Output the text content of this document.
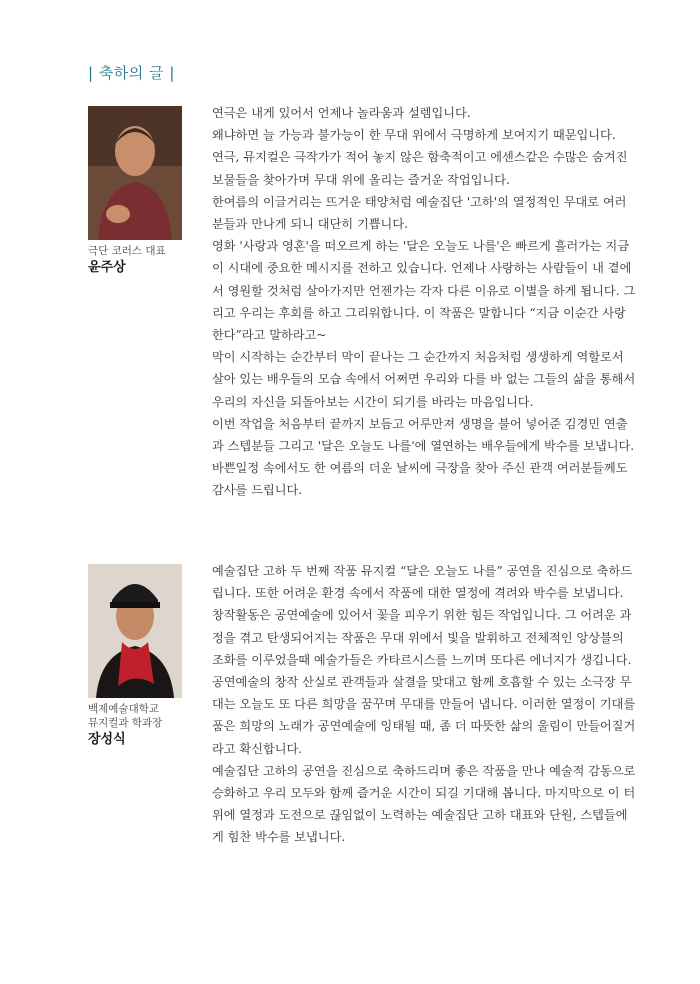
| 축하의 글 |
극단 코러스 대표
윤주상

연극은 내게 있어서 언제나 놀라움과 설렘입니다.

왜냐하면 늘 가능과 불가능이 한 무대 위에서 극명하게 보여지기 때문입니다.

연극, 뮤지컬은 극작가가 적어 놓지 않은 함축적이고 에센스같은 수많은 숨겨진 보물들을 찾아가며 무대 위에 올리는 즐거운 작업입니다.

한여름의 이글거리는 뜨거운 태양처럼 예술집단 '고하'의 열정적인 무대로 여러분들과 만나게 되니 대단히 기쁩니다.

영화 '사랑과 영혼'을 떠오르게 하는 '달은 오늘도 나를'은 빠르게 흘러가는 지금이 시대에 중요한 메시지를 전하고 있습니다. 언제나 사랑하는 사람들이 내 곁에서 영원할 것처럼 살아가지만 언젠가는 각자 다른 이유로 이별을 하게 됩니다. 그리고 우리는 후회를 하고 그리워합니다. 이 작품은 말합니다 “지금 이순간 사랑한다”라고 말하라고~

막이 시작하는 순간부터 막이 끝나는 그 순간까지 처음처럼 생생하게 역할로서 살아 있는 배우들의 모습 속에서 어쩌면 우리와 다를 바 없는 그들의 삶을 통해서 우리의 자신을 되돌아보는 시간이 되기를 바라는 마음입니다.

이번 작업을 처음부터 끝까지 보듬고 어루만져 생명을 불어 넣어준 김경민 연출과 스텝분들 그리고 '달은 오늘도 나를'에 열연하는 배우들에게 박수를 보냅니다. 바쁜일정 속에서도 한 여름의 더운 날씨에 극장을 찾아 주신 관객 여러분들께도 감사를 드립니다.

백제예술대학교
뮤지컬과 학과장
장성식

예술집단 고하 두 번째 작품 뮤지컬 “달은 오늘도 나를” 공연을 진심으로 축하드립니다. 또한 어려운 환경 속에서 작품에 대한 열정에 격려와 박수를 보냅니다.

창작활동은 공연예술에 있어서 꽃을 피우기 위한 힘든 작업입니다. 그 어려운 과정을 겪고 탄생되어지는 작품은 무대 위에서 빛을 발휘하고 전체적인 앙상블의 조화를 이루었을때 예술가들은 카타르시스를 느끼며 또다른 에너지가 생깁니다. 공연예술의 창작 산실로 관객들과 살결을 맞대고 함께 호흡할 수 있는 소극장 무대는 오늘도 또 다른 희망을 꿈꾸며 무대를 만들어 냅니다. 이러한 열정이 기대를 품은 희망의 노래가 공연예술에 잉태될 때, 좀 더 따뜻한 삶의 울림이 만들어질거라고 확신합니다.

예술집단 고하의 공연을 진심으로 축하드리며 좋은 작품을 만나 예술적 감동으로 승화하고 우리 모두와 함께 즐거운 시간이 되길 기대해 봅니다. 마지막으로 이 터위에 열정과 도전으로 끊임없이 노력하는 예술집단 고하 대표와 단원, 스텝들에게 힘찬 박수를 보냅니다.
